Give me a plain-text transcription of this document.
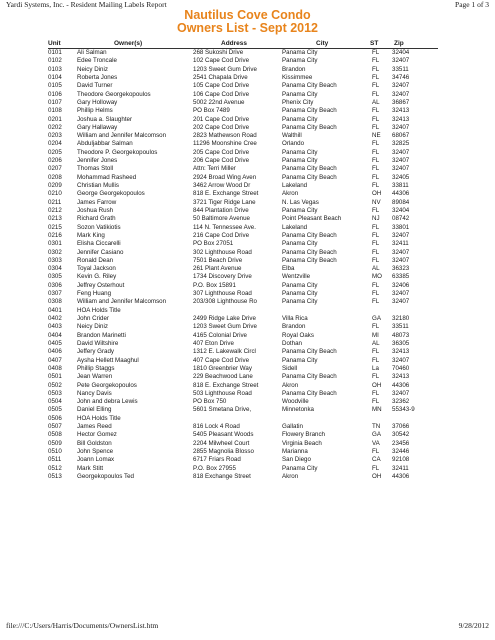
Yardi Systems, Inc. - Resident Mailing Labels Report	Page 1 of 3
Nautilus Cove Condo
Owners List - Sept 2012
Unit	Owner(s)	Address	City	ST Zip
0101 Ali Salman	268 Sukoshi Drive	Panama City	FL 32404
0102 Edee Troncale	102 Cape Cod Drive	Panama City	FL 32407
0103 Neicy Diniz	1203 Sweet Gum Drive	Brandon	FL 33511
0104 Roberta Jones	2541 Chapala Drive	Kissimmee	FL 34746
0105 David Turner	105 Cape Cod Drive	Panama City Beach	FL 32407
0106 Theodore Georgekopoulos	106 Cape Cod Drive	Panama City	FL 32407
0107 Gary Holloway	5002 22nd Avenue	Phenix City	AL 36867
0108 Phillip Helms	PO Box 7489	Panama City Beach	FL 32413
0201 Joshua a. Slaughter	201 Cape Cod Drive	Panama City	FL 32413
0202 Gary Hallaway	202 Cape Cod Drive	Panama City Beach	FL 32407
0203 William and Jennifer Malcomson	2823 Mathewson Road	Walthill	NE 68067
0204 Abduljabbar Salman	11296 Moonshine Cree	Orlando	FL 32825
0205 Theodore P. Georgekopoulos	205 Cape Cod Drive	Panama City	FL 32407
0206 Jennifer Jones	206 Cape Cod Drive	Panama City	FL 32407
0207 Thomas Stoll	Attn: Terri Miller	Panama City Beach	FL 32407
0208 Mohammad Rasheed	2924 Broad Wing Aven	Panama City Beach	FL 32405
0209 Christian Mullis	3462 Arrow Wood Dr	Lakeland	FL 33811
0210 George Georgekopoulos	818 E. Exchange Street	Akron	OH 44306
0211	James Farrow	3721 Tiger Ridge Lane	N. Las Vegas	NV 89084
0212 Joshua Rush	844 Plantation Drive	Panama City	FL 32404
0213 Richard Grath	50 Baltimore Avenue	Point Pleasant Beach	NJ 08742
0215 Sozon Vatikiotis	114 N. Tennessee Ave.	Lakeland	FL 33801
0216 Mark King	216 Cape Cod Drive	Panama City Beach	FL 32407
0301 Elisha Ciccarelli	PO Box 27051	Panama City	FL 32411
0302 Jennifer Casiano	302 Lighthouse Road	Panama City Beach	FL 32407
0303 Ronald Dean	7501 Beach Drive	Panama City Beach	FL 32407
0304 Toyal Jackson	261 Plant Avenue	Elba	AL 36323
0305 Kevin G. Riley	1734 Discovery Drive	Wentzville	MO 63385
0306 Jeffrey Osterhout	P.O. Box 15891	Panama City	FL 32406
0307 Feng Huang	307 Lighthouse Road	Panama City	FL 32407
0308 William and Jennifer Malcomson	203/308 Lighthouse Ro	Panama City	FL 32407
0401 HOA Holds Title
0402 John Crider	2499 Ridge Lake Drive	Villa Rica	GA 32180
0403 Neicy Diniz	1203 Sweet Gum Drive	Brandon	FL 33511
0404 Brandon Marinetti	4165 Colonial Drive	Royal Oaks	MI 48073
0405 David Wiltshire	407 Eton Drive	Dothan	AL 36305
0406 Jeffery Grady	1312 E. Lakewalk Circl	Panama City Beach	FL 32413
0407 Aysha Hellett Maaghul	407 Cape Cod Drive	Panama City	FL 32407
0408 Phillip Staggs	1810 Greenbrier Way	Sidell	La 70460
0501 Jean Warren	229 Beachwood Lane	Panama City Beach	FL 32413
0502 Pete Georgekopoulos	818 E. Exchange Street	Akron	OH 44306
0503 Nancy Davis	503 Lighthouse Road	Panama City Beach	FL 32407
0504 John and debra Lewis	PO Box 750	Woodville	FL 32362
0505 Daniel Elling	5601 Smetana Drive,	Minnetonka	MN 55343-9
0506 HOA Holds Title
0507 James Reed	816 Lock 4 Road	Gallatin	TN 37066
0508 Hector Gomez	5405 Pleasant Woods	Flowery Branch	GA 30542
0509 Bill Goldston	2204 Milwheel Court	Virginia Beach	VA 23456
0510 John Spence	2855 Magnolia Blosso	Marianna	FL 32446
0511	Joann Lomax	6717 Friars Road	San Diego	CA 92108
0512 Mark Stitt	P.O. Box 27955	Panama City	FL 32411
0513 Georgekopoulos Ted	818 Exchange Street	Akron	OH 44306
file:///C:/Users/Harris/Documents/OwnersList.htm	9/28/2012
